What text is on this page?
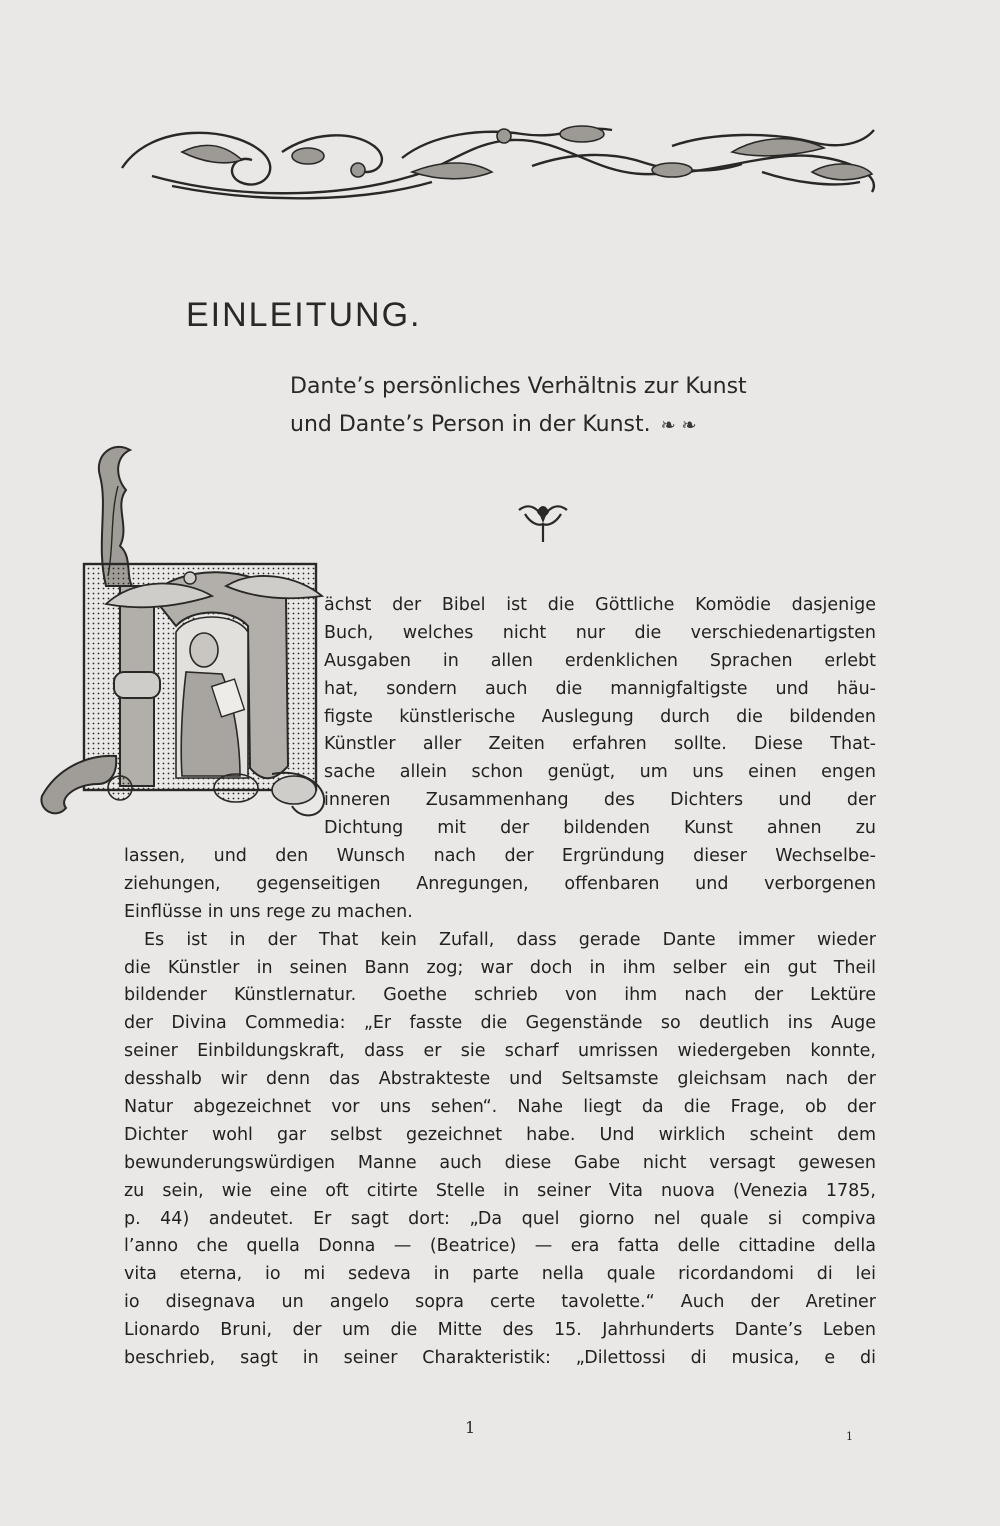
EINLEITUNG.
Dante’s persönliches Verhältnis zur Kunst
und Dante’s Person in der Kunst. ❧ ❧
ächst der Bibel ist die Göttliche Komödie dasjenige
Buch, welches nicht nur die verschiedenartigsten
Ausgaben in allen erdenklichen Sprachen erlebt
hat, sondern auch die mannigfaltigste und häu-
figste künstlerische Auslegung durch die bildenden
Künstler aller Zeiten erfahren sollte. Diese That-
sache allein schon genügt, um uns einen engen
inneren Zusammenhang des Dichters und der
Dichtung mit der bildenden Kunst ahnen zu
lassen, und den Wunsch nach der Ergründung dieser Wechselbe-
ziehungen, gegenseitigen Anregungen, offenbaren und verborgenen
Einflüsse in uns rege zu machen.
Es ist in der That kein Zufall, dass gerade Dante immer wieder
die Künstler in seinen Bann zog; war doch in ihm selber ein gut Theil
bildender Künstlernatur. Goethe schrieb von ihm nach der Lektüre
der Divina Commedia: „Er fasste die Gegenstände so deutlich ins Auge
seiner Einbildungskraft, dass er sie scharf umrissen wiedergeben konnte,
desshalb wir denn das Abstrakteste und Seltsamste gleichsam nach der
Natur abgezeichnet vor uns sehen“. Nahe liegt da die Frage, ob der
Dichter wohl gar selbst gezeichnet habe. Und wirklich scheint dem
bewunderungswürdigen Manne auch diese Gabe nicht versagt gewesen
zu sein, wie eine oft citirte Stelle in seiner Vita nuova (Venezia 1785,
p. 44) andeutet. Er sagt dort: „Da quel giorno nel quale si compiva
l’anno che quella Donna — (Beatrice) — era fatta delle cittadine della
vita eterna, io mi sedeva in parte nella quale ricordandomi di lei
io disegnava un angelo sopra certe tavolette.“ Auch der Aretiner
Lionardo Bruni, der um die Mitte des 15. Jahrhunderts Dante’s Leben
beschrieb, sagt in seiner Charakteristik: „Dilettossi di musica, e di
1	1
